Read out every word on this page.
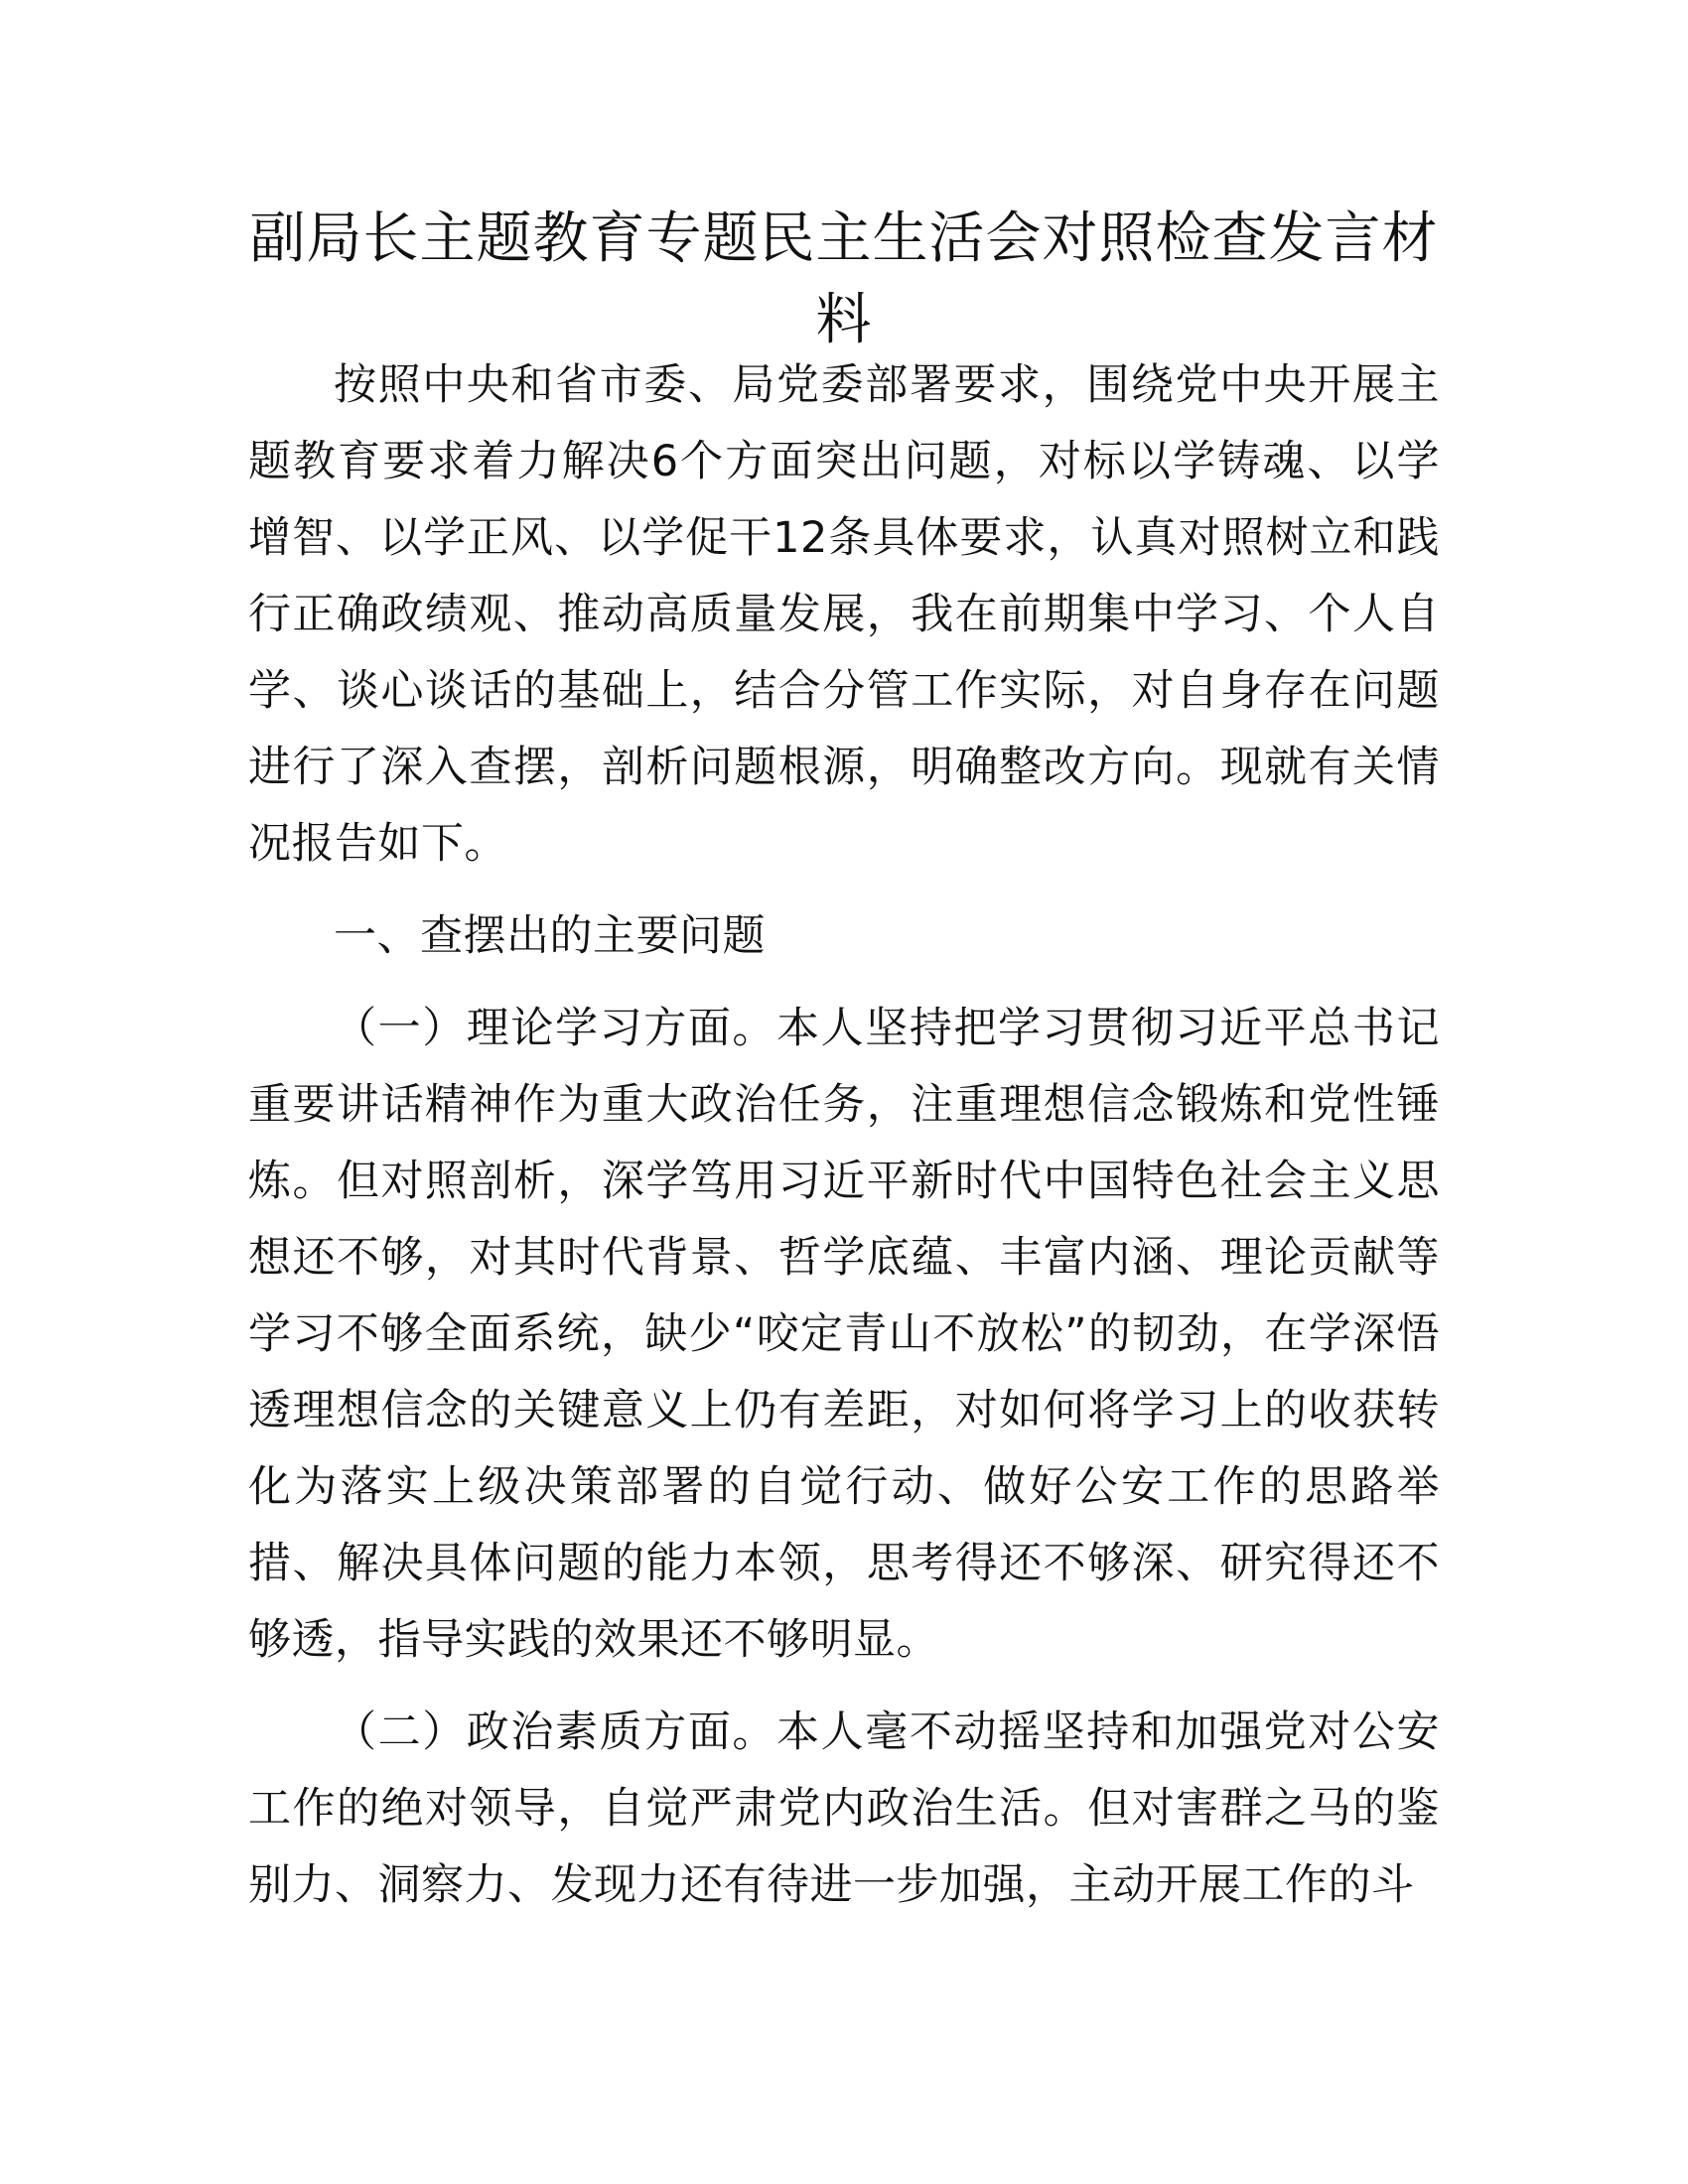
副局长主题教育专题民主生活会对照检查发言材料

按照中央和省市委、局党委部署要求，围绕党中央开展主题教育要求着力解决6个方面突出问题，对标以学铸魂、以学增智、以学正风、以学促干12条具体要求，认真对照树立和践行正确政绩观、推动高质量发展，我在前期集中学习、个人自学、谈心谈话的基础上，结合分管工作实际，对自身存在问题进行了深入查摆，剖析问题根源，明确整改方向。现就有关情况报告如下。

一、查摆出的主要问题

（一）理论学习方面。本人坚持把学习贯彻习近平总书记重要讲话精神作为重大政治任务，注重理想信念锻炼和党性锤炼。但对照剖析，深学笃用习近平新时代中国特色社会主义思想还不够，对其时代背景、哲学底蕴、丰富内涵、理论贡献等学习不够全面系统，缺少“咬定青山不放松”的韧劲，在学深悟透理想信念的关键意义上仍有差距，对如何将学习上的收获转化为落实上级决策部署的自觉行动、做好公安工作的思路举措、解决具体问题的能力本领，思考得还不够深、研究得还不够透，指导实践的效果还不够明显。

（二）政治素质方面。本人毫不动摇坚持和加强党对公安工作的绝对领导，自觉严肃党内政治生活。但对害群之马的鉴别力、洞察力、发现力还有待进一步加强，主动开展工作的斗
